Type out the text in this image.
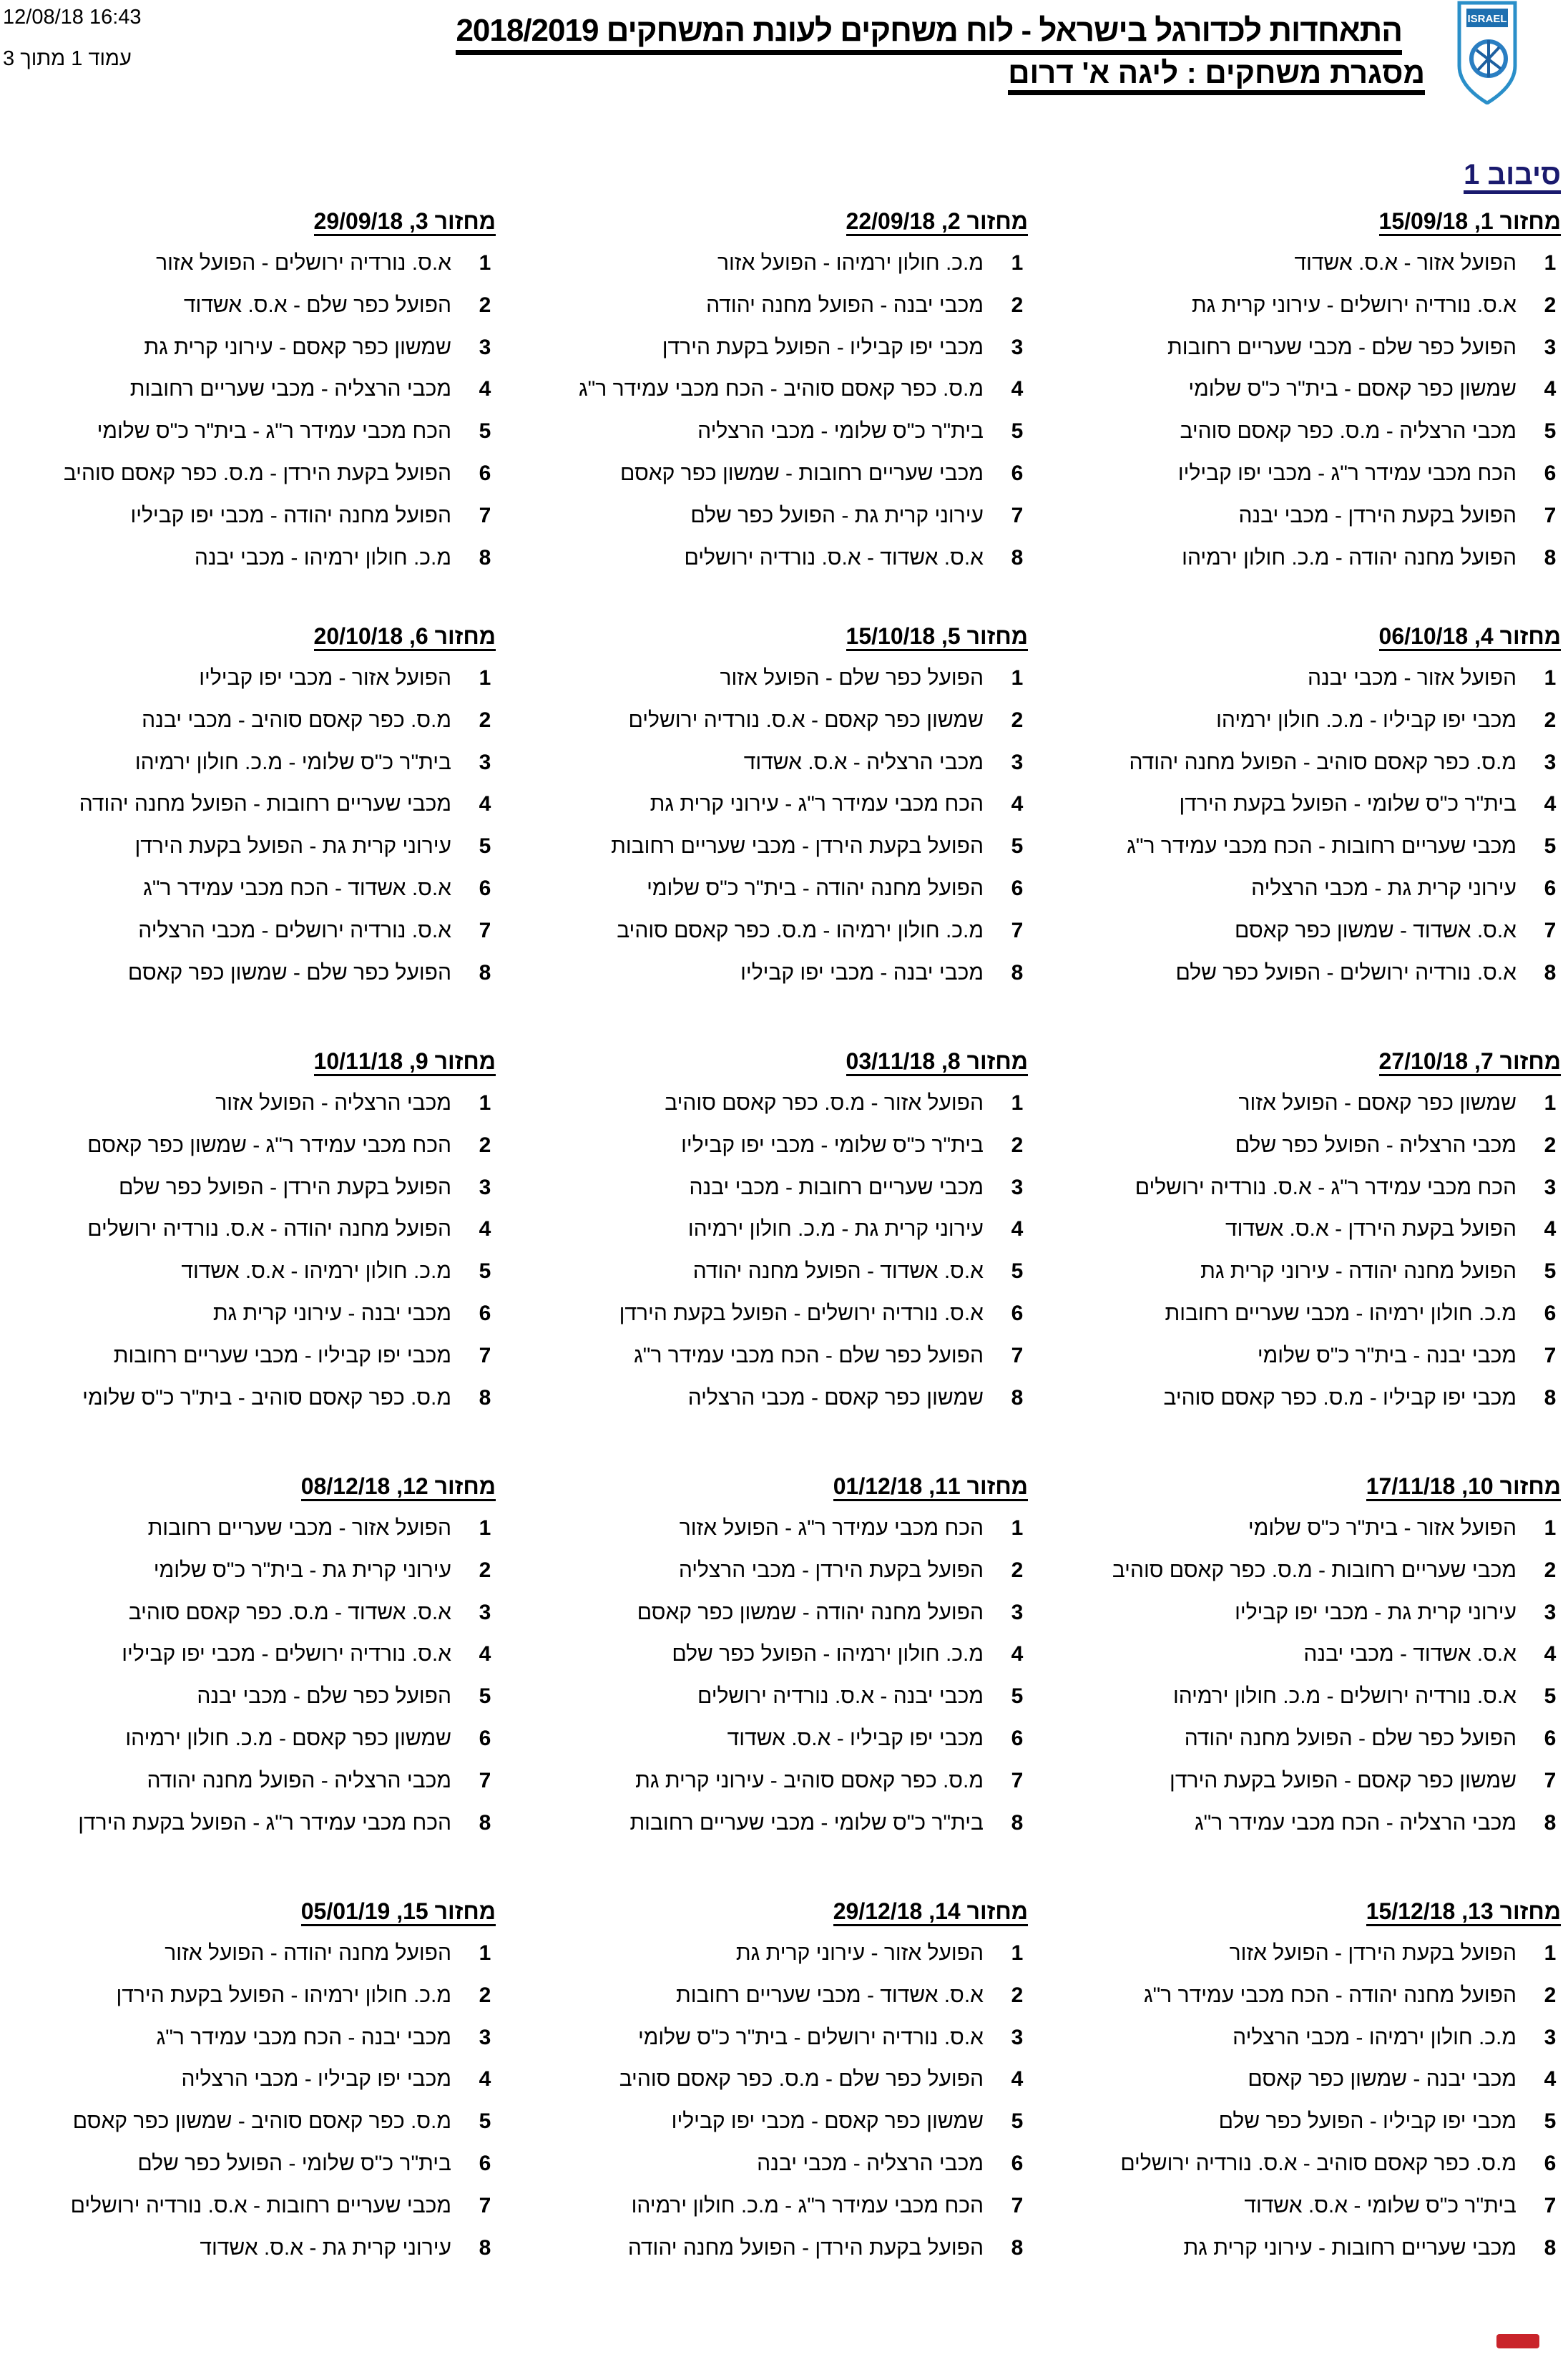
12/08/18 16:43
עמוד 1 מתוך 3
התאחדות לכדורגל בישראל - לוח משחקים לעונת המשחקים 2018/2019
מסגרת משחקים : ליגה א' דרום
ISRAEL
סיבוב 1
מחזור 1, 15/09/18
1
הפועל אזור - א.ס. אשדוד
2
א.ס. נורדיה ירושלים - עירוני קרית גת
3
הפועל כפר שלם - מכבי שעריים רחובות
4
שמשון כפר קאסם - בית"ר כ"ס שלומי
5
מכבי הרצליה - מ.ס. כפר קאסם סוהיב
6
הכח מכבי עמידר ר"ג - מכבי יפו קביליו
7
הפועל בקעת הירדן - מכבי יבנה
8
הפועל מחנה יהודה - מ.כ. חולון ירמיהו
מחזור 2, 22/09/18
1
מ.כ. חולון ירמיהו - הפועל אזור
2
מכבי יבנה - הפועל מחנה יהודה
3
מכבי יפו קביליו - הפועל בקעת הירדן
4
מ.ס. כפר קאסם סוהיב - הכח מכבי עמידר ר"ג
5
בית"ר כ"ס שלומי - מכבי הרצליה
6
מכבי שעריים רחובות - שמשון כפר קאסם
7
עירוני קרית גת - הפועל כפר שלם
8
א.ס. אשדוד - א.ס. נורדיה ירושלים
מחזור 3, 29/09/18
1
א.ס. נורדיה ירושלים - הפועל אזור
2
הפועל כפר שלם - א.ס. אשדוד
3
שמשון כפר קאסם - עירוני קרית גת
4
מכבי הרצליה - מכבי שעריים רחובות
5
הכח מכבי עמידר ר"ג - בית"ר כ"ס שלומי
6
הפועל בקעת הירדן - מ.ס. כפר קאסם סוהיב
7
הפועל מחנה יהודה - מכבי יפו קביליו
8
מ.כ. חולון ירמיהו - מכבי יבנה
מחזור 4, 06/10/18
1
הפועל אזור - מכבי יבנה
2
מכבי יפו קביליו - מ.כ. חולון ירמיהו
3
מ.ס. כפר קאסם סוהיב - הפועל מחנה יהודה
4
בית"ר כ"ס שלומי - הפועל בקעת הירדן
5
מכבי שעריים רחובות - הכח מכבי עמידר ר"ג
6
עירוני קרית גת - מכבי הרצליה
7
א.ס. אשדוד - שמשון כפר קאסם
8
א.ס. נורדיה ירושלים - הפועל כפר שלם
מחזור 5, 15/10/18
1
הפועל כפר שלם - הפועל אזור
2
שמשון כפר קאסם - א.ס. נורדיה ירושלים
3
מכבי הרצליה - א.ס. אשדוד
4
הכח מכבי עמידר ר"ג - עירוני קרית גת
5
הפועל בקעת הירדן - מכבי שעריים רחובות
6
הפועל מחנה יהודה - בית"ר כ"ס שלומי
7
מ.כ. חולון ירמיהו - מ.ס. כפר קאסם סוהיב
8
מכבי יבנה - מכבי יפו קביליו
מחזור 6, 20/10/18
1
הפועל אזור - מכבי יפו קביליו
2
מ.ס. כפר קאסם סוהיב - מכבי יבנה
3
בית"ר כ"ס שלומי - מ.כ. חולון ירמיהו
4
מכבי שעריים רחובות - הפועל מחנה יהודה
5
עירוני קרית גת - הפועל בקעת הירדן
6
א.ס. אשדוד - הכח מכבי עמידר ר"ג
7
א.ס. נורדיה ירושלים - מכבי הרצליה
8
הפועל כפר שלם - שמשון כפר קאסם
מחזור 7, 27/10/18
1
שמשון כפר קאסם - הפועל אזור
2
מכבי הרצליה - הפועל כפר שלם
3
הכח מכבי עמידר ר"ג - א.ס. נורדיה ירושלים
4
הפועל בקעת הירדן - א.ס. אשדוד
5
הפועל מחנה יהודה - עירוני קרית גת
6
מ.כ. חולון ירמיהו - מכבי שעריים רחובות
7
מכבי יבנה - בית"ר כ"ס שלומי
8
מכבי יפו קביליו - מ.ס. כפר קאסם סוהיב
מחזור 8, 03/11/18
1
הפועל אזור - מ.ס. כפר קאסם סוהיב
2
בית"ר כ"ס שלומי - מכבי יפו קביליו
3
מכבי שעריים רחובות - מכבי יבנה
4
עירוני קרית גת - מ.כ. חולון ירמיהו
5
א.ס. אשדוד - הפועל מחנה יהודה
6
א.ס. נורדיה ירושלים - הפועל בקעת הירדן
7
הפועל כפר שלם - הכח מכבי עמידר ר"ג
8
שמשון כפר קאסם - מכבי הרצליה
מחזור 9, 10/11/18
1
מכבי הרצליה - הפועל אזור
2
הכח מכבי עמידר ר"ג - שמשון כפר קאסם
3
הפועל בקעת הירדן - הפועל כפר שלם
4
הפועל מחנה יהודה - א.ס. נורדיה ירושלים
5
מ.כ. חולון ירמיהו - א.ס. אשדוד
6
מכבי יבנה - עירוני קרית גת
7
מכבי יפו קביליו - מכבי שעריים רחובות
8
מ.ס. כפר קאסם סוהיב - בית"ר כ"ס שלומי
מחזור 10, 17/11/18
1
הפועל אזור - בית"ר כ"ס שלומי
2
מכבי שעריים רחובות - מ.ס. כפר קאסם סוהיב
3
עירוני קרית גת - מכבי יפו קביליו
4
א.ס. אשדוד - מכבי יבנה
5
א.ס. נורדיה ירושלים - מ.כ. חולון ירמיהו
6
הפועל כפר שלם - הפועל מחנה יהודה
7
שמשון כפר קאסם - הפועל בקעת הירדן
8
מכבי הרצליה - הכח מכבי עמידר ר"ג
מחזור 11, 01/12/18
1
הכח מכבי עמידר ר"ג - הפועל אזור
2
הפועל בקעת הירדן - מכבי הרצליה
3
הפועל מחנה יהודה - שמשון כפר קאסם
4
מ.כ. חולון ירמיהו - הפועל כפר שלם
5
מכבי יבנה - א.ס. נורדיה ירושלים
6
מכבי יפו קביליו - א.ס. אשדוד
7
מ.ס. כפר קאסם סוהיב - עירוני קרית גת
8
בית"ר כ"ס שלומי - מכבי שעריים רחובות
מחזור 12, 08/12/18
1
הפועל אזור - מכבי שעריים רחובות
2
עירוני קרית גת - בית"ר כ"ס שלומי
3
א.ס. אשדוד - מ.ס. כפר קאסם סוהיב
4
א.ס. נורדיה ירושלים - מכבי יפו קביליו
5
הפועל כפר שלם - מכבי יבנה
6
שמשון כפר קאסם - מ.כ. חולון ירמיהו
7
מכבי הרצליה - הפועל מחנה יהודה
8
הכח מכבי עמידר ר"ג - הפועל בקעת הירדן
מחזור 13, 15/12/18
1
הפועל בקעת הירדן - הפועל אזור
2
הפועל מחנה יהודה - הכח מכבי עמידר ר"ג
3
מ.כ. חולון ירמיהו - מכבי הרצליה
4
מכבי יבנה - שמשון כפר קאסם
5
מכבי יפו קביליו - הפועל כפר שלם
6
מ.ס. כפר קאסם סוהיב - א.ס. נורדיה ירושלים
7
בית"ר כ"ס שלומי - א.ס. אשדוד
8
מכבי שעריים רחובות - עירוני קרית גת
מחזור 14, 29/12/18
1
הפועל אזור - עירוני קרית גת
2
א.ס. אשדוד - מכבי שעריים רחובות
3
א.ס. נורדיה ירושלים - בית"ר כ"ס שלומי
4
הפועל כפר שלם - מ.ס. כפר קאסם סוהיב
5
שמשון כפר קאסם - מכבי יפו קביליו
6
מכבי הרצליה - מכבי יבנה
7
הכח מכבי עמידר ר"ג - מ.כ. חולון ירמיהו
8
הפועל בקעת הירדן - הפועל מחנה יהודה
מחזור 15, 05/01/19
1
הפועל מחנה יהודה - הפועל אזור
2
מ.כ. חולון ירמיהו - הפועל בקעת הירדן
3
מכבי יבנה - הכח מכבי עמידר ר"ג
4
מכבי יפו קביליו - מכבי הרצליה
5
מ.ס. כפר קאסם סוהיב - שמשון כפר קאסם
6
בית"ר כ"ס שלומי - הפועל כפר שלם
7
מכבי שעריים רחובות - א.ס. נורדיה ירושלים
8
עירוני קרית גת - א.ס. אשדוד
